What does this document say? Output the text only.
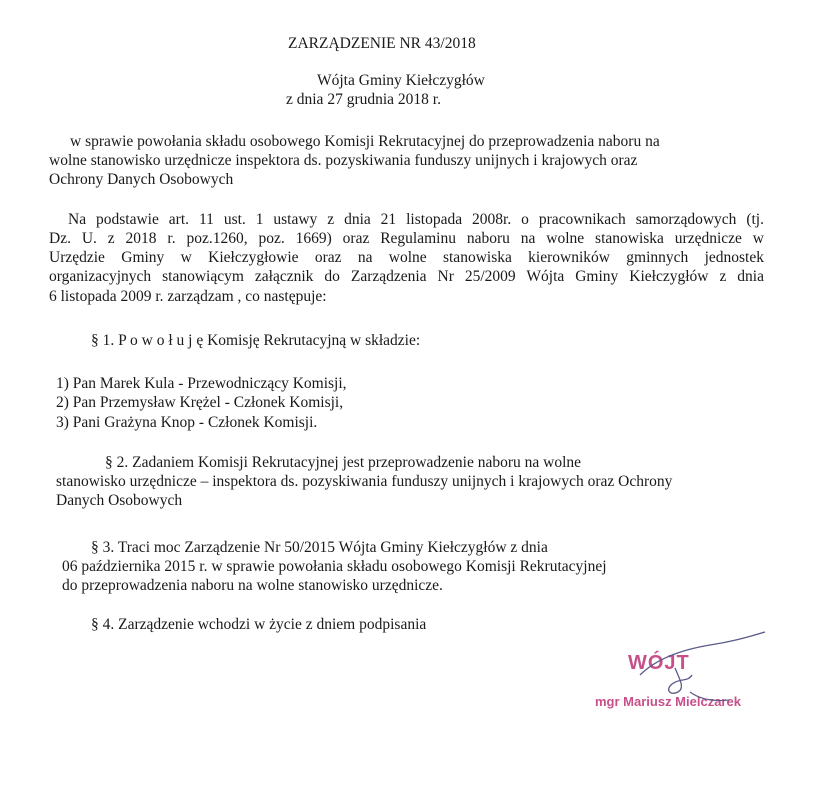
ZARZĄDZENIE NR 43/2018
Wójta Gminy Kiełczygłów
z dnia 27 grudnia 2018 r.
w sprawie powołania składu osobowego Komisji Rekrutacyjnej do przeprowadzenia naboru na
wolne stanowisko urzędnicze inspektora ds. pozyskiwania funduszy unijnych i krajowych oraz
Ochrony Danych Osobowych
Na podstawie art. 11 ust. 1 ustawy z dnia 21 listopada 2008r. o pracownikach samorządowych (tj.
Dz. U. z 2018 r. poz.1260, poz. 1669) oraz Regulaminu naboru na wolne stanowiska urzędnicze w
Urzędzie Gminy w Kiełczygłowie oraz na wolne stanowiska kierowników gminnych jednostek
organizacyjnych stanowiącym załącznik do Zarządzenia Nr 25/2009 Wójta Gminy Kiełczygłów z dnia
6 listopada 2009 r. zarządzam , co następuje:
§ 1. P o w o ł u j ę Komisję Rekrutacyjną w składzie:
1) Pan Marek Kula - Przewodniczący Komisji,
2) Pan Przemysław Krężel - Członek Komisji,
3) Pani Grażyna Knop - Członek Komisji.
§ 2. Zadaniem Komisji Rekrutacyjnej jest przeprowadzenie naboru na wolne
stanowisko urzędnicze – inspektora ds. pozyskiwania funduszy unijnych i krajowych oraz Ochrony
Danych Osobowych
§ 3. Traci moc Zarządzenie Nr 50/2015 Wójta Gminy Kiełczygłów z dnia
06 października 2015 r. w sprawie powołania składu osobowego Komisji Rekrutacyjnej
do przeprowadzenia naboru na wolne stanowisko urzędnicze.
§ 4. Zarządzenie wchodzi w życie z dniem podpisania
WÓJT
mgr Mariusz Mielczarek
